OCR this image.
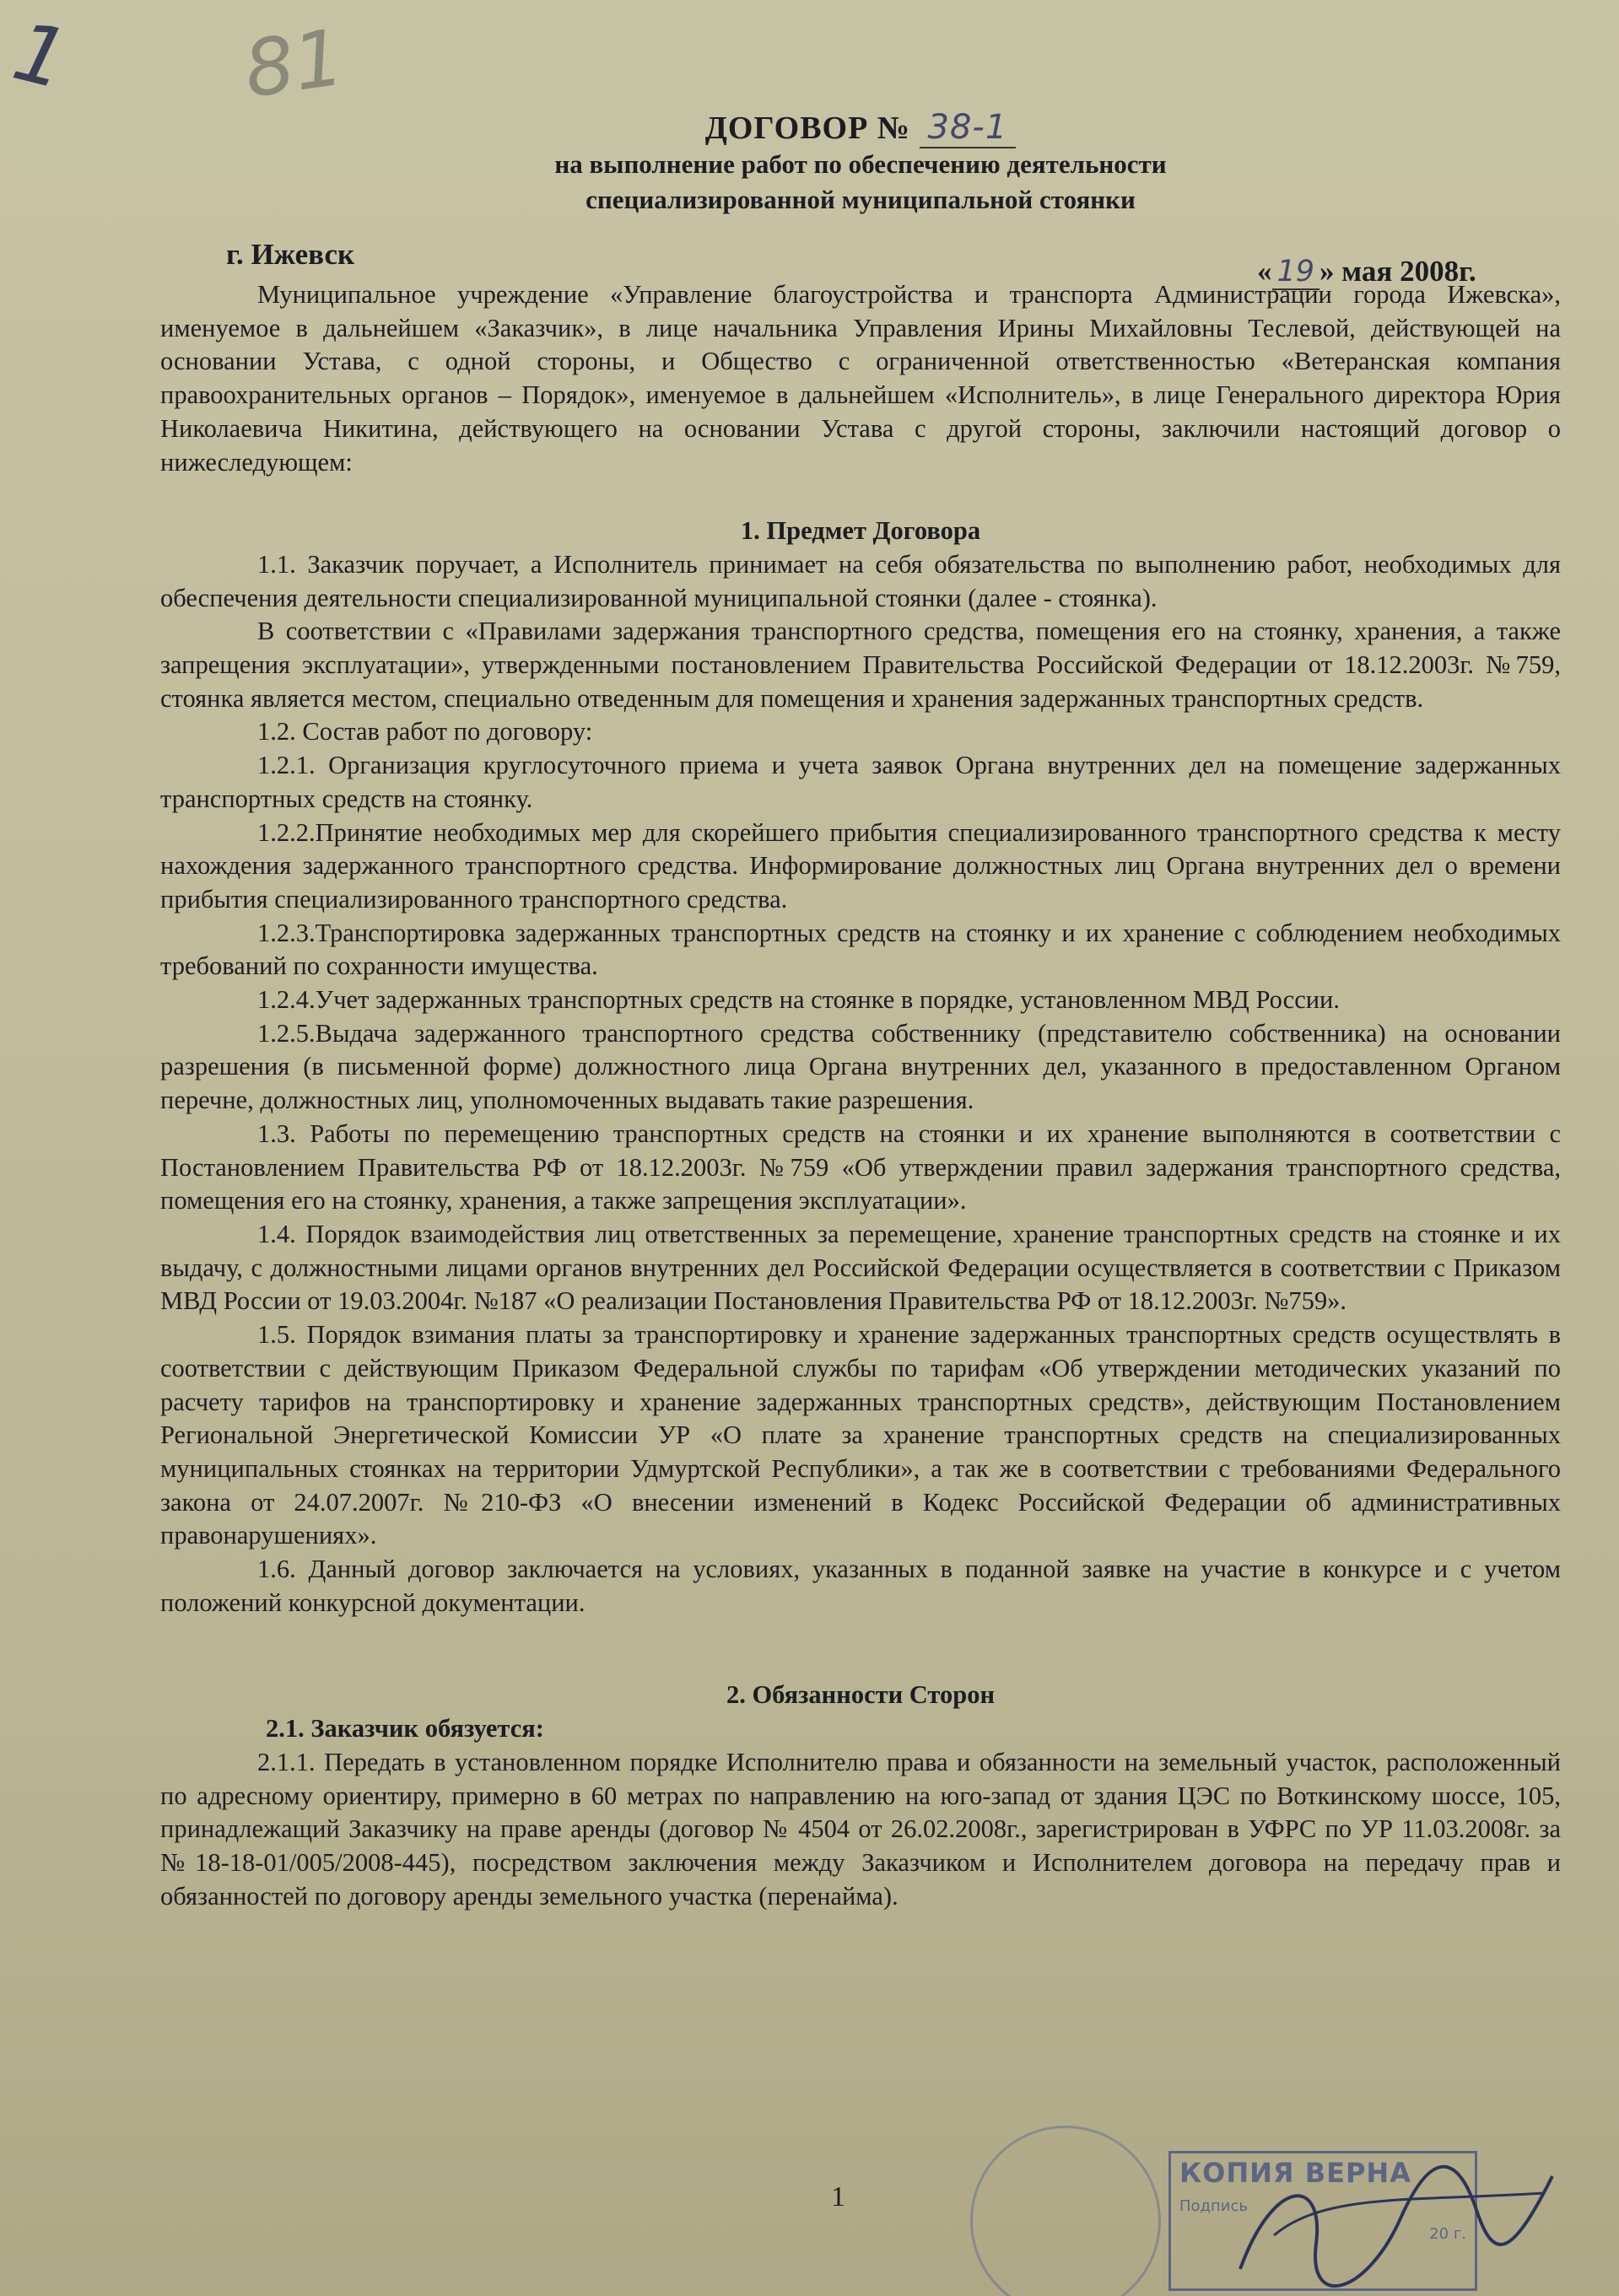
1 81
ДОГОВОР № 38-1
на выполнение работ по обеспечению деятельности
специализированной муниципальной стоянки
г. Ижевск
« 19 » мая 2008г.

Муниципальное учреждение «Управление благоустройства и транспорта Администрации города Ижевска», именуемое в дальнейшем «Заказчик», в лице начальника Управления Ирины Михайловны Теслевой, действующей на основании Устава, с одной стороны, и Общество с ограниченной ответственностью «Ветеранская компания правоохранительных органов – Порядок», именуемое в дальнейшем «Исполнитель», в лице Генерального директора Юрия Николаевича Никитина, действующего на основании Устава с другой стороны, заключили настоящий договор о нижеследующем:

1. Предмет Договора

1.1. Заказчик поручает, а Исполнитель принимает на себя обязательства по выполнению работ, необходимых для обеспечения деятельности специализированной муниципальной стоянки (далее - стоянка).

В соответствии с «Правилами задержания транспортного средства, помещения его на стоянку, хранения, а также запрещения эксплуатации», утвержденными постановлением Правительства Российской Федерации от 18.12.2003г. №759, стоянка является местом, специально отведенным для помещения и хранения задержанных транспортных средств.

1.2. Состав работ по договору:

1.2.1. Организация круглосуточного приема и учета заявок Органа внутренних дел на помещение задержанных транспортных средств на стоянку.

1.2.2.Принятие необходимых мер для скорейшего прибытия специализированного транспортного средства к месту нахождения задержанного транспортного средства. Информирование должностных лиц Органа внутренних дел о времени прибытия специализированного транспортного средства.

1.2.3.Транспортировка задержанных транспортных средств на стоянку и их хранение с соблюдением необходимых требований по сохранности имущества.

1.2.4.Учет задержанных транспортных средств на стоянке в порядке, установленном МВД России.

1.2.5.Выдача задержанного транспортного средства собственнику (представителю собственника) на основании разрешения (в письменной форме) должностного лица Органа внутренних дел, указанного в предоставленном Органом перечне, должностных лиц, уполномоченных выдавать такие разрешения.

1.3. Работы по перемещению транспортных средств на стоянки и их хранение выполняются в соответствии с Постановлением Правительства РФ от 18.12.2003г. №759 «Об утверждении правил задержания транспортного средства, помещения его на стоянку, хранения, а также запрещения эксплуатации».

1.4. Порядок взаимодействия лиц ответственных за перемещение, хранение транспортных средств на стоянке и их выдачу, с должностными лицами органов внутренних дел Российской Федерации осуществляется в соответствии с Приказом МВД России от 19.03.2004г. №187 «О реализации Постановления Правительства РФ от 18.12.2003г. №759».

1.5. Порядок взимания платы за транспортировку и хранение задержанных транспортных средств осуществлять в соответствии с действующим Приказом Федеральной службы по тарифам «Об утверждении методических указаний по расчету тарифов на транспортировку и хранение задержанных транспортных средств», действующим Постановлением Региональной Энергетической Комиссии УР «О плате за хранение транспортных средств на специализированных муниципальных стоянках на территории Удмуртской Республики», а так же в соответствии с требованиями Федерального закона от 24.07.2007г. №210-ФЗ «О внесении изменений в Кодекс Российской Федерации об административных правонарушениях».

1.6. Данный договор заключается на условиях, указанных в поданной заявке на участие в конкурсе и с учетом положений конкурсной документации.

2. Обязанности Сторон

2.1. Заказчик обязуется:

2.1.1. Передать в установленном порядке Исполнителю права и обязанности на земельный участок, расположенный по адресному ориентиру, примерно в 60 метрах по направлению на юго-запад от здания ЦЭС по Воткинскому шоссе, 105, принадлежащий Заказчику на праве аренды (договор № 4504 от 26.02.2008г., зарегистрирован в УФРС по УР 11.03.2008г. за №18-18-01/005/2008-445), посредством заключения между Заказчиком и Исполнителем договора на передачу прав и обязанностей по договору аренды земельного участка (перенайма).

1
КОПИЯ ВЕРНА
Подпись
20 г.
